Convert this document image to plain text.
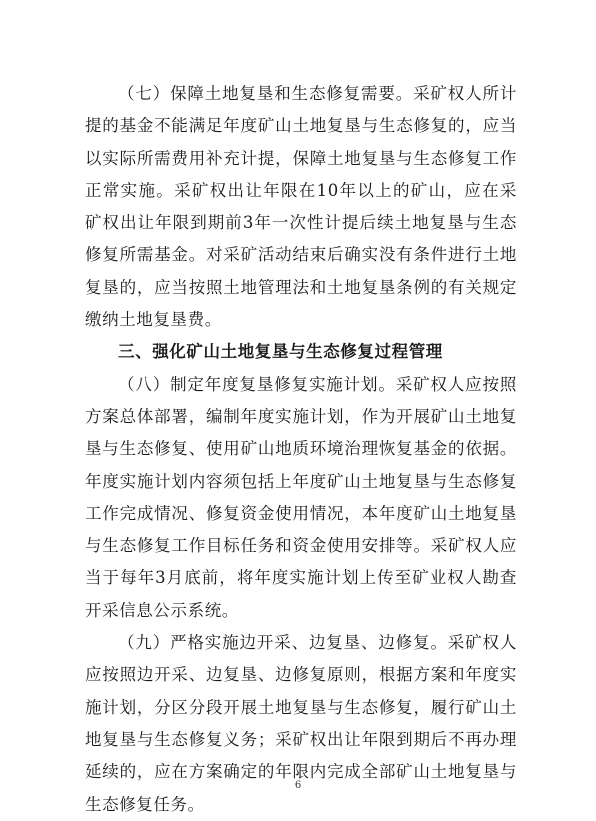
（七）保障土地复垦和生态修复需要。采矿权人所计提的基金不能满足年度矿山土地复垦与生态修复的，应当以实际所需费用补充计提，保障土地复垦与生态修复工作正常实施。采矿权出让年限在10年以上的矿山，应在采矿权出让年限到期前3年一次性计提后续土地复垦与生态修复所需基金。对采矿活动结束后确实没有条件进行土地复垦的，应当按照土地管理法和土地复垦条例的有关规定缴纳土地复垦费。

三、强化矿山土地复垦与生态修复过程管理

（八）制定年度复垦修复实施计划。采矿权人应按照方案总体部署，编制年度实施计划，作为开展矿山土地复垦与生态修复、使用矿山地质环境治理恢复基金的依据。年度实施计划内容须包括上年度矿山土地复垦与生态修复工作完成情况、修复资金使用情况，本年度矿山土地复垦与生态修复工作目标任务和资金使用安排等。采矿权人应当于每年3月底前，将年度实施计划上传至矿业权人勘查开采信息公示系统。

（九）严格实施边开采、边复垦、边修复。采矿权人应按照边开采、边复垦、边修复原则，根据方案和年度实施计划，分区分段开展土地复垦与生态修复，履行矿山土地复垦与生态修复义务；采矿权出让年限到期后不再办理延续的，应在方案确定的年限内完成全部矿山土地复垦与生态修复任务。

6
